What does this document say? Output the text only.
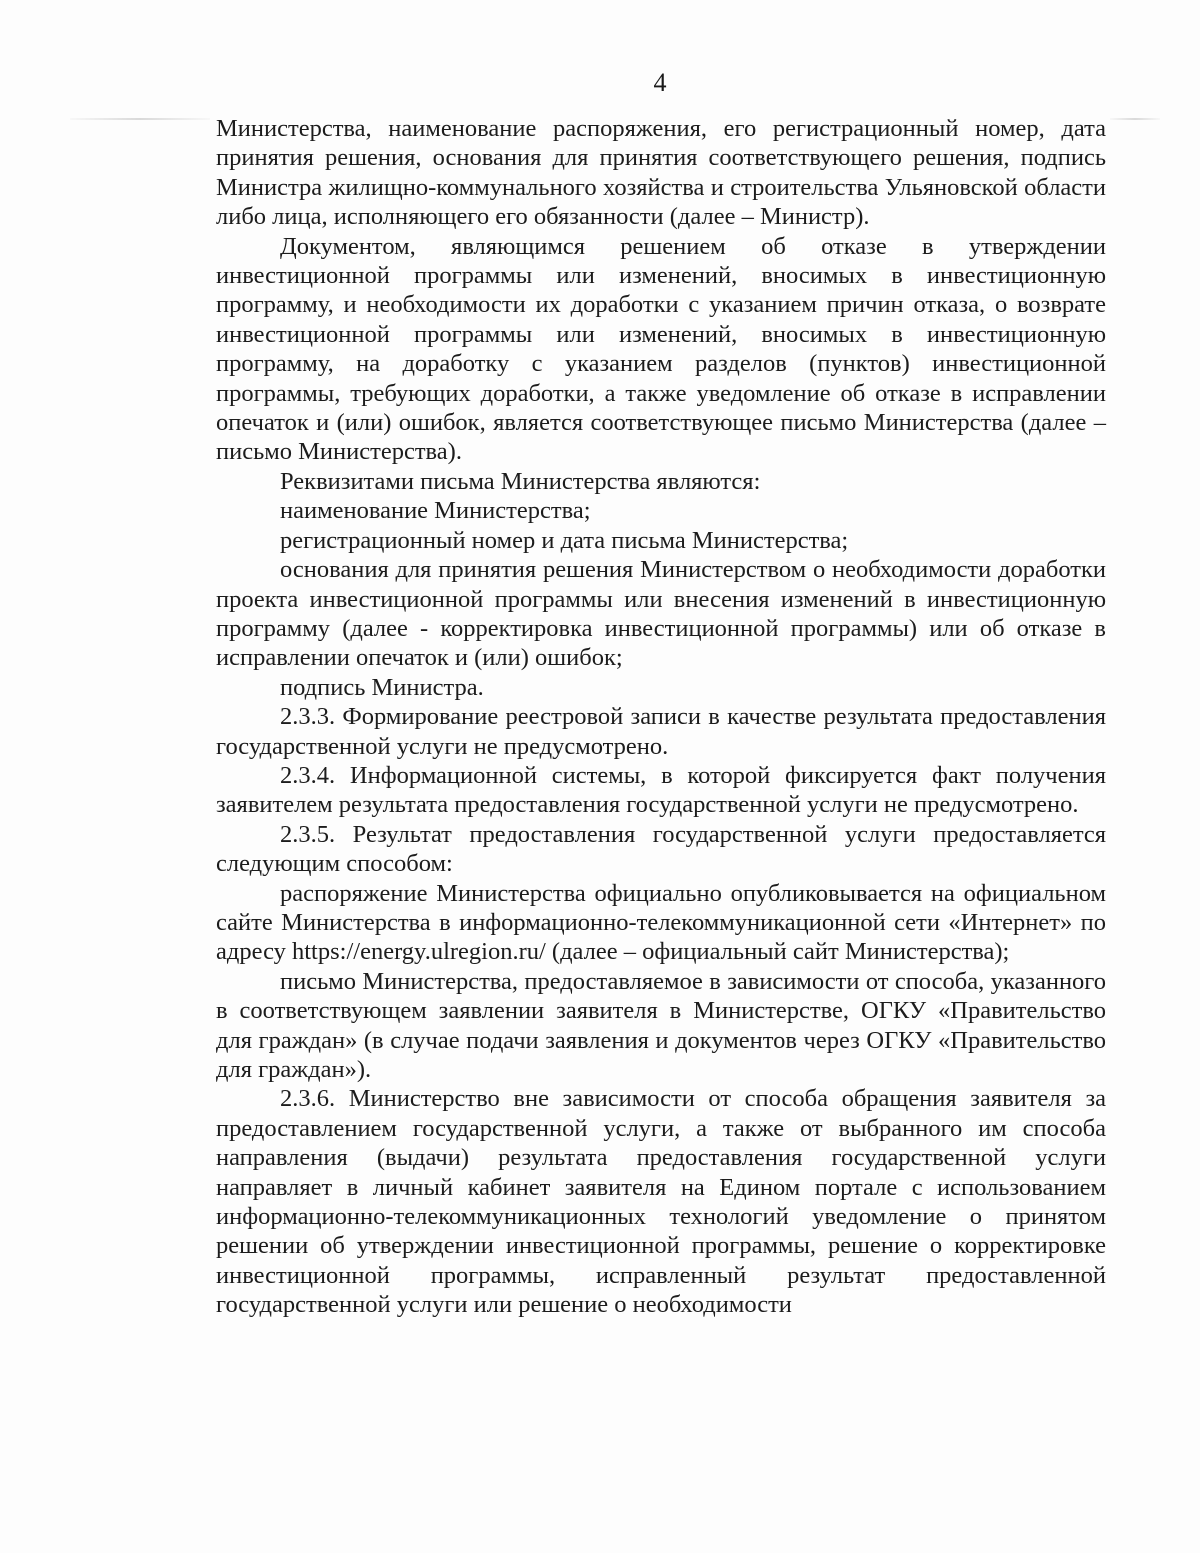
4

Министерства, наименование распоряжения, его регистрационный номер, дата принятия решения, основания для принятия соответствующего решения, подпись Министра жилищно-коммунального хозяйства и строительства Ульяновской области либо лица, исполняющего его обязанности (далее – Министр).

Документом, являющимся решением об отказе в утверждении инвестиционной программы или изменений, вносимых в инвестиционную программу, и необходимости их доработки с указанием причин отказа, о возврате инвестиционной программы или изменений, вносимых в инвестиционную программу, на доработку с указанием разделов (пунктов) инвестиционной программы, требующих доработки, а также уведомление об отказе в исправлении опечаток и (или) ошибок, является соответствующее письмо Министерства (далее – письмо Министерства).

Реквизитами письма Министерства являются:

наименование Министерства;

регистрационный номер и дата письма Министерства;

основания для принятия решения Министерством о необходимости доработки проекта инвестиционной программы или внесения изменений в инвестиционную программу (далее - корректировка инвестиционной программы) или об отказе в исправлении опечаток и (или) ошибок;

подпись Министра.

2.3.3. Формирование реестровой записи в качестве результата предоставления государственной услуги не предусмотрено.

2.3.4. Информационной системы, в которой фиксируется факт получения заявителем результата предоставления государственной услуги не предусмотрено.

2.3.5. Результат предоставления государственной услуги предоставляется следующим способом:

распоряжение Министерства официально опубликовывается на официальном сайте Министерства в информационно-телекоммуникационной сети «Интернет» по адресу https://energy.ulregion.ru/ (далее – официальный сайт Министерства);

письмо Министерства, предоставляемое в зависимости от способа, указанного в соответствующем заявлении заявителя в Министерстве, ОГКУ «Правительство для граждан» (в случае подачи заявления и документов через ОГКУ «Правительство для граждан»).

2.3.6. Министерство вне зависимости от способа обращения заявителя за предоставлением государственной услуги, а также от выбранного им способа направления (выдачи) результата предоставления государственной услуги направляет в личный кабинет заявителя на Едином портале с использованием информационно-телекоммуникационных технологий уведомление о принятом решении об утверждении инвестиционной программы, решение о корректировке инвестиционной программы, исправленный результат предоставленной государственной услуги или решение о необходимости
